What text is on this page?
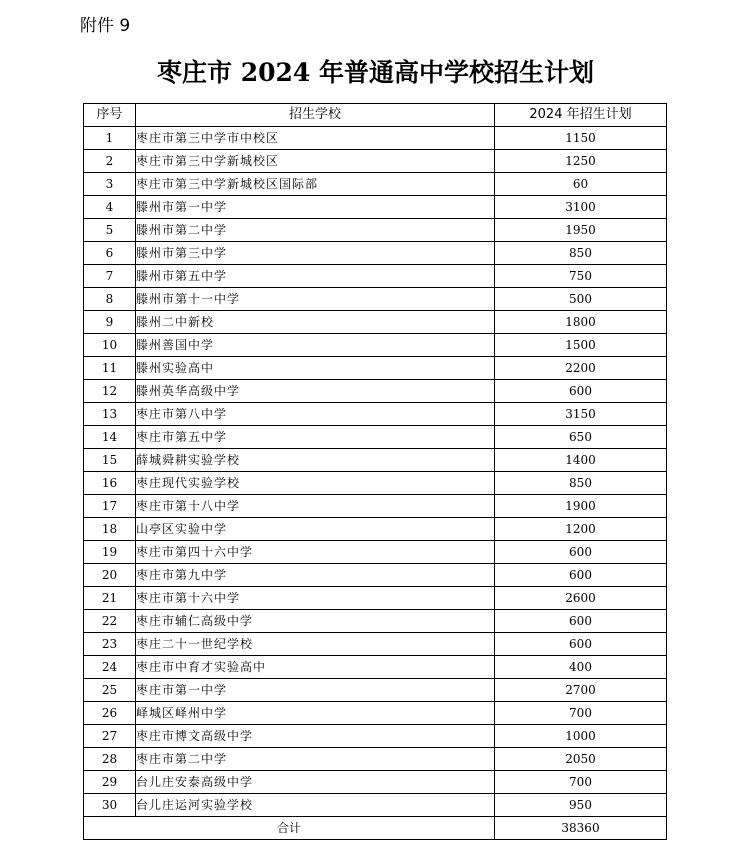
附件 9
枣庄市 2024 年普通高中学校招生计划
序号	招生学校	2024 年招生计划
1	枣庄市第三中学市中校区	1150
2	枣庄市第三中学新城校区	1250
3	枣庄市第三中学新城校区国际部	60
4	滕州市第一中学	3100
5	滕州市第二中学	1950
6	滕州市第三中学	850
7	滕州市第五中学	750
8	滕州市第十一中学	500
9	滕州二中新校	1800
10	滕州善国中学	1500
11	滕州实验高中	2200
12	滕州英华高级中学	600
13	枣庄市第八中学	3150
14	枣庄市第五中学	650
15	薛城舜耕实验学校	1400
16	枣庄现代实验学校	850
17	枣庄市第十八中学	1900
18	山亭区实验中学	1200
19	枣庄市第四十六中学	600
20	枣庄市第九中学	600
21	枣庄市第十六中学	2600
22	枣庄市辅仁高级中学	600
23	枣庄二十一世纪学校	600
24	枣庄市中育才实验高中	400
25	枣庄市第一中学	2700
26	峄城区峄州中学	700
27	枣庄市博文高级中学	1000
28	枣庄市第二中学	2050
29	台儿庄安泰高级中学	700
30	台儿庄运河实验学校	950
合计		38360
